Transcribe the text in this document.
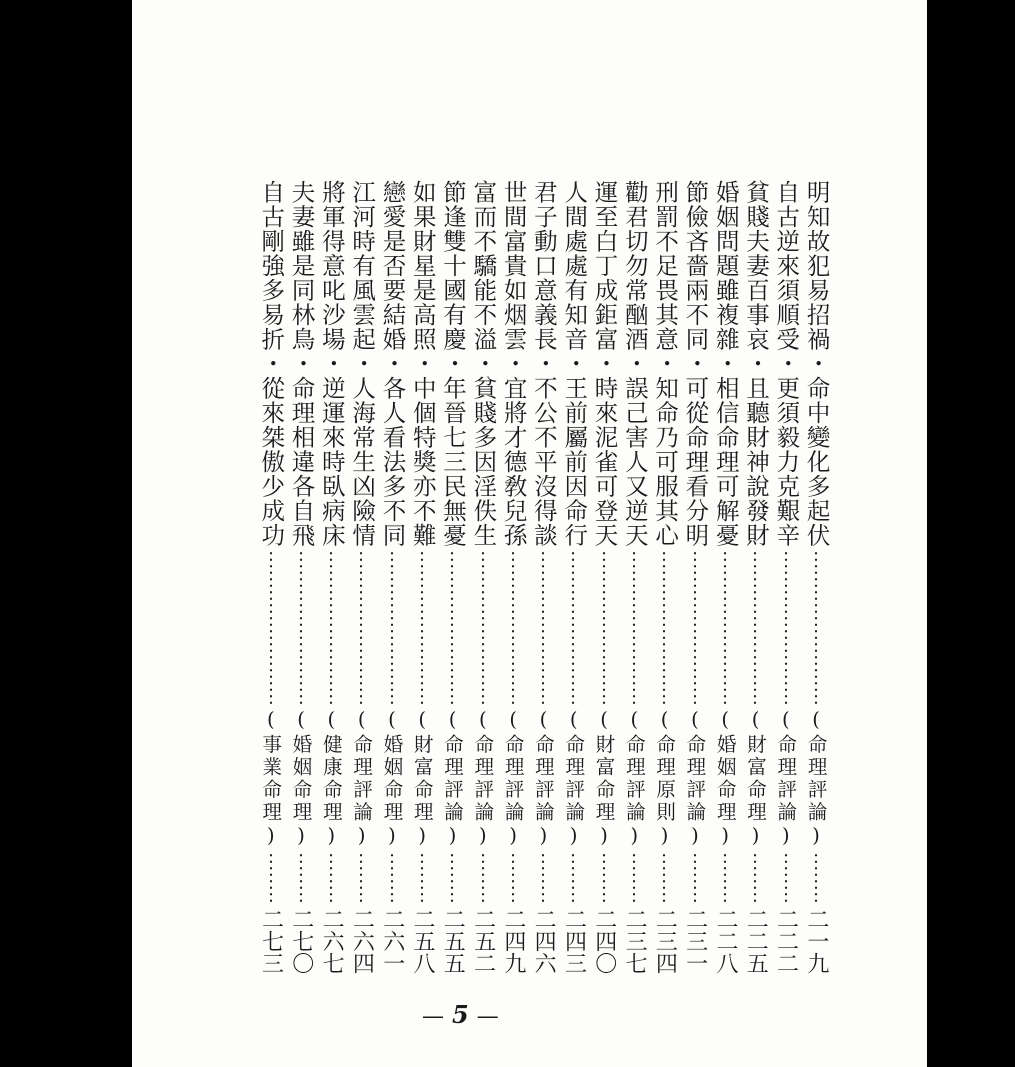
明知故犯易招禍・命中變化多起伏
(命理評論)
二一九
自古逆來須順受・更須毅力克艱辛
(命理評論)
二二二
貧賤夫妻百事哀・且聽財神說發財
(財富命理)
二二五
婚姻問題雖複雜・相信命理可解憂
(婚姻命理)
二二八
節儉吝嗇兩不同・可從命理看分明
(命理評論)
二三一
刑罰不足畏其意・知命乃可服其心
(命理原則)
二三四
勸君切勿常酗酒・誤己害人又逆天
(命理評論)
二三七
運至白丁成鉅富・時來泥雀可登天
(財富命理)
二四〇
人間處處有知音・王前屬前因命行
(命理評論)
二四三
君子動口意義長・不公不平沒得談
(命理評論)
二四六
世間富貴如烟雲・宜將才德敎兒孫
(命理評論)
二四九
富而不驕能不溢・貧賤多因淫佚生
(命理評論)
二五二
節逢雙十國有慶・年晉七三民無憂
(命理評論)
二五五
如果財星是高照・中個特獎亦不難
(財富命理)
二五八
戀愛是否要結婚・各人看法多不同
(婚姻命理)
二六一
江河時有風雲起・人海常生凶險情
(命理評論)
二六四
將軍得意叱沙場・逆運來時臥病床
(健康命理)
二六七
夫妻雖是同林鳥・命理相違各自飛
(婚姻命理)
二七〇
自古剛強多易折・從來桀傲少成功
(事業命理)
二七三
— 5 —
